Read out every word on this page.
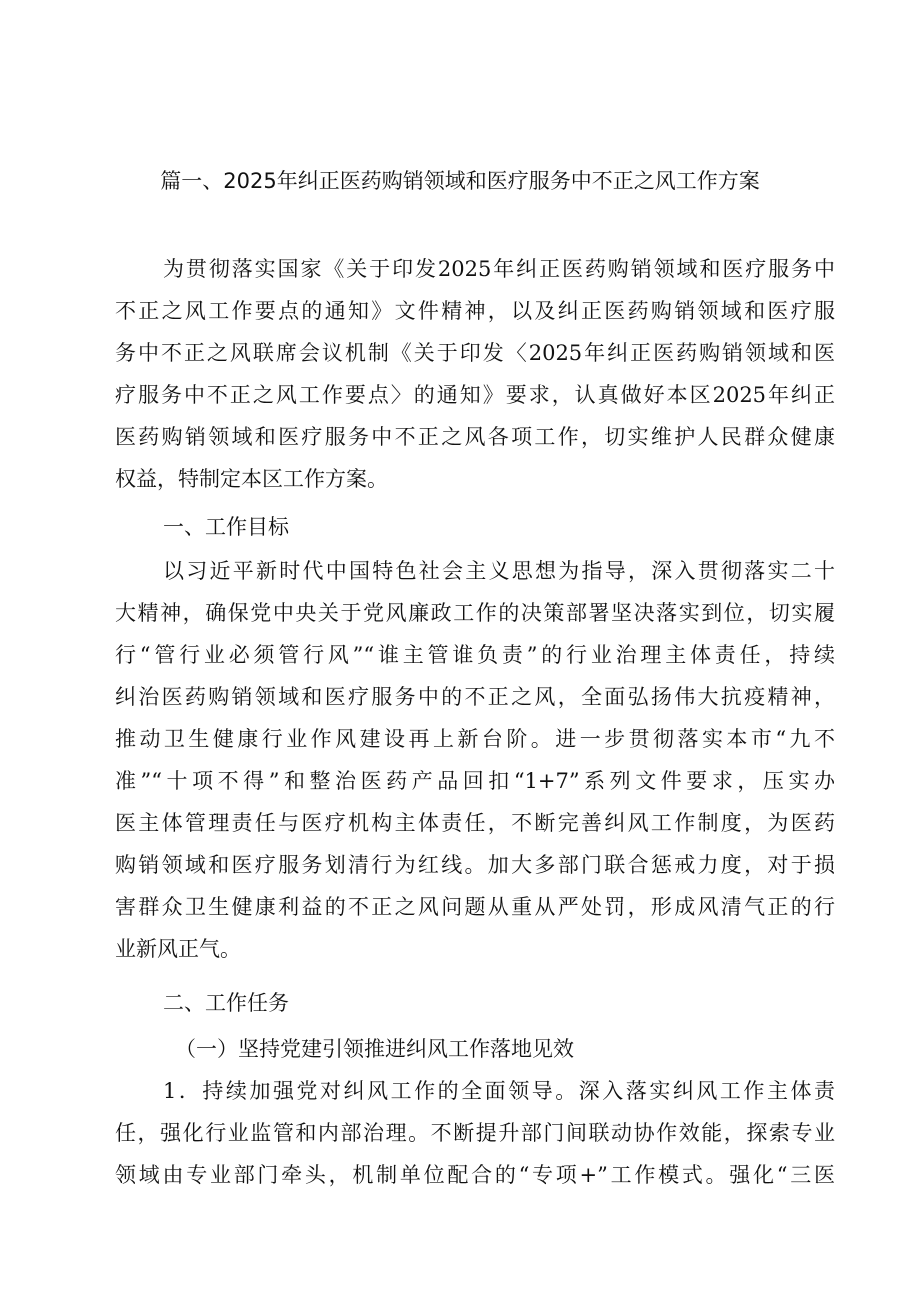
篇一、2025年纠正医药购销领域和医疗服务中不正之风工作方案
为贯彻落实国家《关于印发2025年纠正医药购销领域和医疗服务中
不正之风工作要点的通知》文件精神，以及纠正医药购销领域和医疗服
务中不正之风联席会议机制《关于印发〈2025年纠正医药购销领域和医
疗服务中不正之风工作要点〉的通知》要求，认真做好本区2025年纠正
医药购销领域和医疗服务中不正之风各项工作，切实维护人民群众健康
权益，特制定本区工作方案。
一、工作目标
以习近平新时代中国特色社会主义思想为指导，深入贯彻落实二十
大精神，确保党中央关于党风廉政工作的决策部署坚决落实到位，切实履
行“管行业必须管行风”“谁主管谁负责”的行业治理主体责任，持续
纠治医药购销领域和医疗服务中的不正之风，全面弘扬伟大抗疫精神，
推动卫生健康行业作风建设再上新台阶。进一步贯彻落实本市“九不
准”“十项不得”和整治医药产品回扣“1+7”系列文件要求，压实办
医主体管理责任与医疗机构主体责任，不断完善纠风工作制度，为医药
购销领域和医疗服务划清行为红线。加大多部门联合惩戒力度，对于损
害群众卫生健康利益的不正之风问题从重从严处罚，形成风清气正的行
业新风正气。
二、工作任务
（一）坚持党建引领推进纠风工作落地见效
1．持续加强党对纠风工作的全面领导。深入落实纠风工作主体责
任，强化行业监管和内部治理。不断提升部门间联动协作效能，探索专业
领域由专业部门牵头，机制单位配合的“专项+”工作模式。强化“三医
